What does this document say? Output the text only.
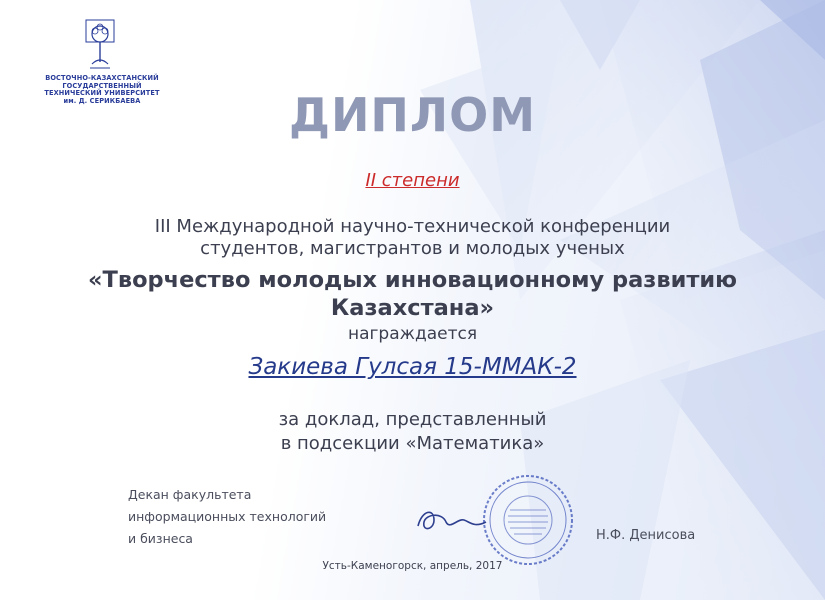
ВОСТОЧНО-КАЗАХСТАНСКИЙ
ГОСУДАРСТВЕННЫЙ
ТЕХНИЧЕСКИЙ УНИВЕРСИТЕТ
им. Д. СЕРИКБАЕВА	ДИПЛОМ
II степени
III Международной научно-технической конференции
студентов, магистрантов и молодых ученых
«Творчество молодых инновационному развитию
Казахстана»
награждается
Закиева Гулсая 15-ММАК-2
за доклад, представленный
в подсекции «Математика»
Декан факультета
информационных технологий
и бизнеса	Н.Ф. Денисова
Усть-Каменогорск, апрель, 2017
